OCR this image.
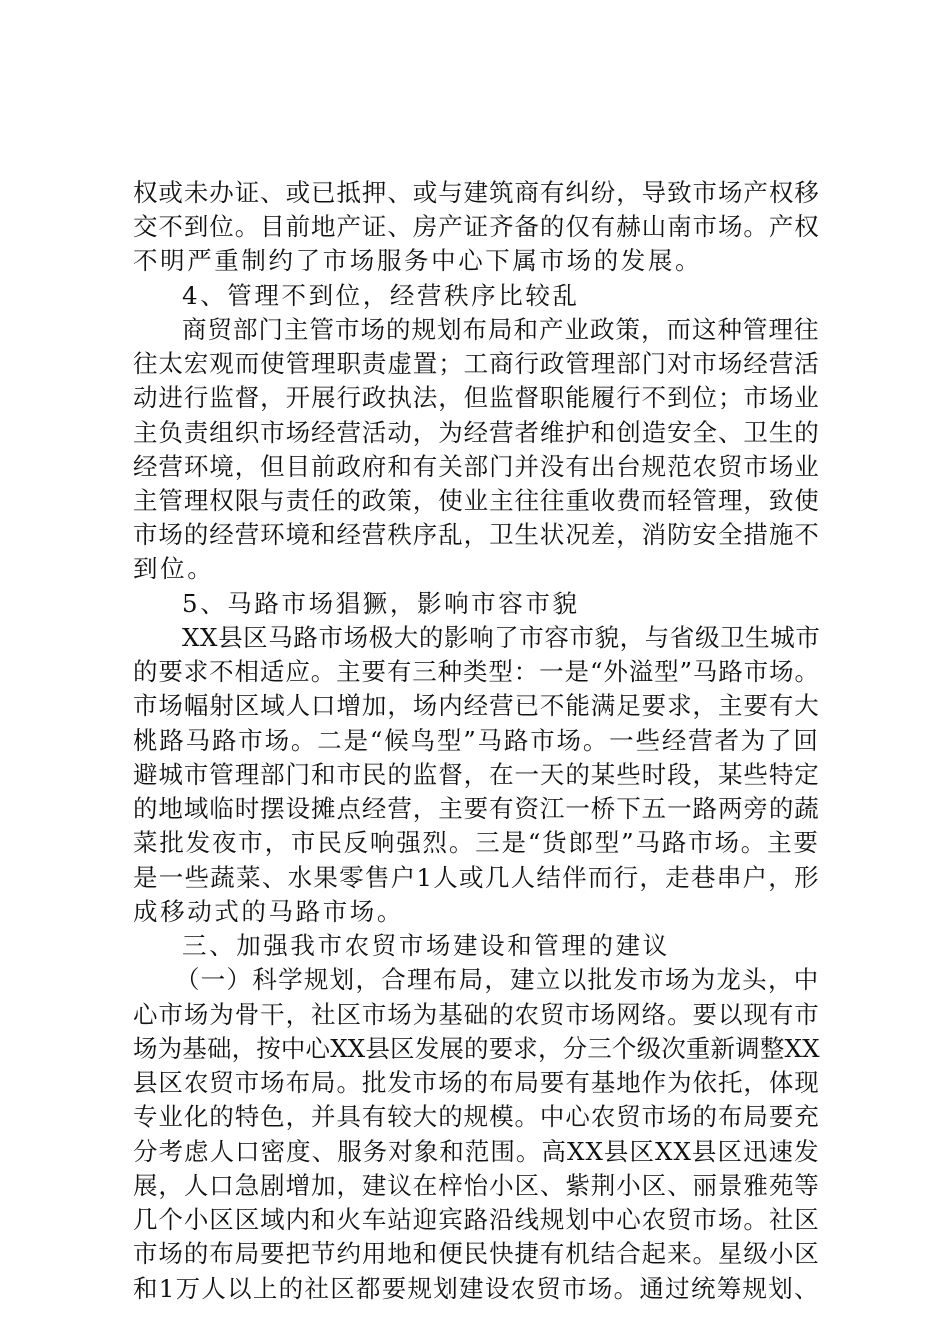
权或未办证、或已抵押、或与建筑商有纠纷，导致市场产权移
交不到位。目前地产证、房产证齐备的仅有赫山南市场。产权
不明严重制约了市场服务中心下属市场的发展。
4、管理不到位，经营秩序比较乱
商贸部门主管市场的规划布局和产业政策，而这种管理往
往太宏观而使管理职责虚置；工商行政管理部门对市场经营活
动进行监督，开展行政执法，但监督职能履行不到位；市场业
主负责组织市场经营活动，为经营者维护和创造安全、卫生的
经营环境，但目前政府和有关部门并没有出台规范农贸市场业
主管理权限与责任的政策，使业主往往重收费而轻管理，致使
市场的经营环境和经营秩序乱，卫生状况差，消防安全措施不
到位。
5、马路市场猖獗，影响市容市貌
XX县区马路市场极大的影响了市容市貌，与省级卫生城市
的要求不相适应。主要有三种类型：一是“外溢型”马路市场。
市场幅射区域人口增加，场内经营已不能满足要求，主要有大
桃路马路市场。二是“候鸟型”马路市场。一些经营者为了回
避城市管理部门和市民的监督，在一天的某些时段，某些特定
的地域临时摆设摊点经营，主要有资江一桥下五一路两旁的蔬
菜批发夜市，市民反响强烈。三是“货郎型”马路市场。主要
是一些蔬菜、水果零售户1人或几人结伴而行，走巷串户，形
成移动式的马路市场。
三、加强我市农贸市场建设和管理的建议
（一）科学规划，合理布局，建立以批发市场为龙头，中
心市场为骨干，社区市场为基础的农贸市场网络。要以现有市
场为基础，按中心XX县区发展的要求，分三个级次重新调整XX
县区农贸市场布局。批发市场的布局要有基地作为依托，体现
专业化的特色，并具有较大的规模。中心农贸市场的布局要充
分考虑人口密度、服务对象和范围。高XX县区XX县区迅速发
展，人口急剧增加，建议在梓怡小区、紫荆小区、丽景雅苑等
几个小区区域内和火车站迎宾路沿线规划中心农贸市场。社区
市场的布局要把节约用地和便民快捷有机结合起来。星级小区
和1万人以上的社区都要规划建设农贸市场。通过统筹规划、
